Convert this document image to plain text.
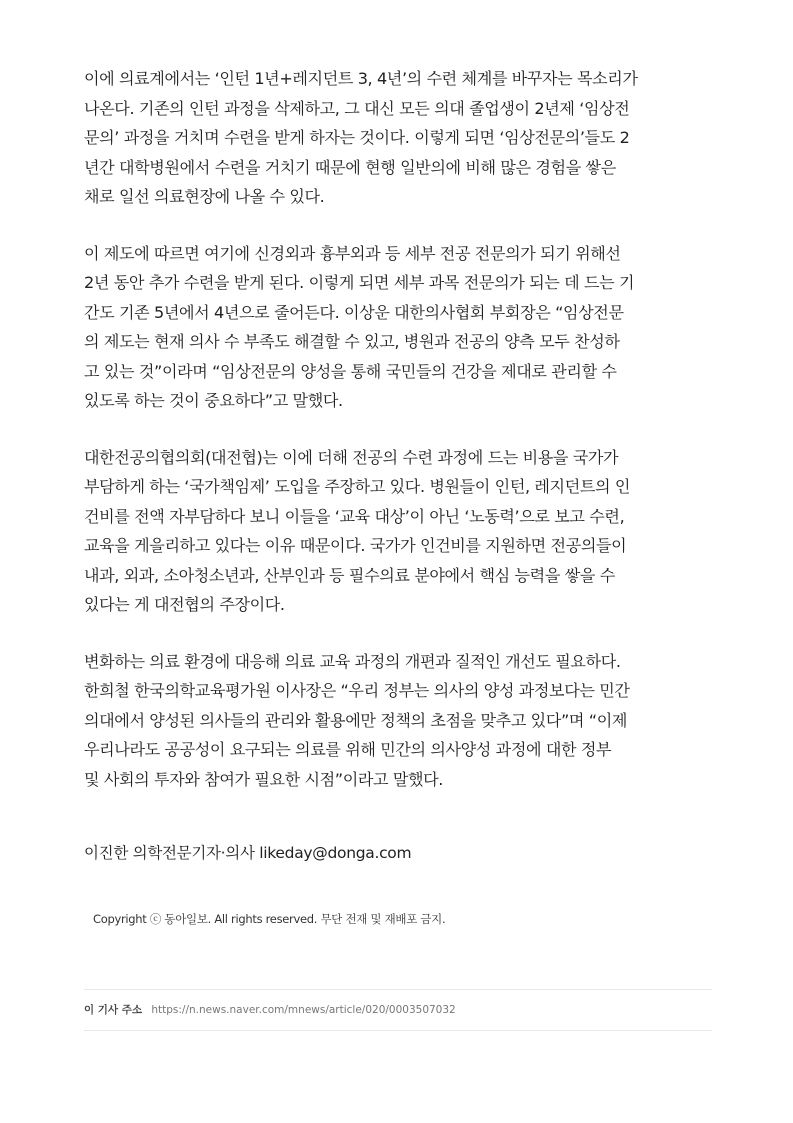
이에 의료계에서는 ‘인턴 1년+레지던트 3, 4년’의 수련 체계를 바꾸자는 목소리가
나온다. 기존의 인턴 과정을 삭제하고, 그 대신 모든 의대 졸업생이 2년제 ‘임상전
문의’ 과정을 거치며 수련을 받게 하자는 것이다. 이렇게 되면 ‘임상전문의’들도 2
년간 대학병원에서 수련을 거치기 때문에 현행 일반의에 비해 많은 경험을 쌓은
채로 일선 의료현장에 나올 수 있다.

이 제도에 따르면 여기에 신경외과 흉부외과 등 세부 전공 전문의가 되기 위해선
2년 동안 추가 수련을 받게 된다. 이렇게 되면 세부 과목 전문의가 되는 데 드는 기
간도 기존 5년에서 4년으로 줄어든다. 이상운 대한의사협회 부회장은 “임상전문
의 제도는 현재 의사 수 부족도 해결할 수 있고, 병원과 전공의 양측 모두 찬성하
고 있는 것”이라며 “임상전문의 양성을 통해 국민들의 건강을 제대로 관리할 수
있도록 하는 것이 중요하다”고 말했다.

대한전공의협의회(대전협)는 이에 더해 전공의 수련 과정에 드는 비용을 국가가
부담하게 하는 ‘국가책임제’ 도입을 주장하고 있다. 병원들이 인턴, 레지던트의 인
건비를 전액 자부담하다 보니 이들을 ‘교육 대상’이 아닌 ‘노동력’으로 보고 수련,
교육을 게을리하고 있다는 이유 때문이다. 국가가 인건비를 지원하면 전공의들이
내과, 외과, 소아청소년과, 산부인과 등 필수의료 분야에서 핵심 능력을 쌓을 수
있다는 게 대전협의 주장이다.

변화하는 의료 환경에 대응해 의료 교육 과정의 개편과 질적인 개선도 필요하다.
한희철 한국의학교육평가원 이사장은 “우리 정부는 의사의 양성 과정보다는 민간
의대에서 양성된 의사들의 관리와 활용에만 정책의 초점을 맞추고 있다”며 “이제
우리나라도 공공성이 요구되는 의료를 위해 민간의 의사양성 과정에 대한 정부
및 사회의 투자와 참여가 필요한 시점”이라고 말했다.

이진한 의학전문기자·의사 likeday@donga.com
Copyright ⓒ 동아일보. All rights reserved. 무단 전재 및 재배포 금지.
이 기사 주소 https://n.news.naver.com/mnews/article/020/0003507032
